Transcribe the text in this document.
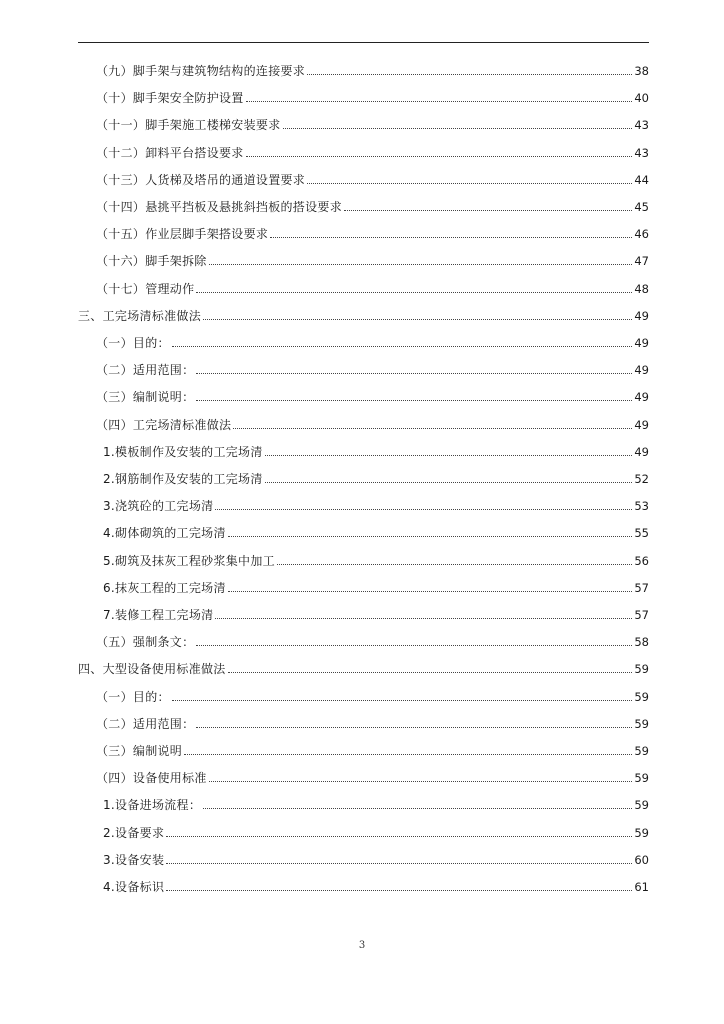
（九）脚手架与建筑物结构的连接要求	38
（十）脚手架安全防护设置	40
（十一）脚手架施工楼梯安装要求	43
（十二）卸料平台搭设要求	43
（十三）人货梯及塔吊的通道设置要求	44
（十四）悬挑平挡板及悬挑斜挡板的搭设要求	45
（十五）作业层脚手架搭设要求	46
（十六）脚手架拆除	47
（十七）管理动作	48
三、工完场清标准做法	49
（一）目的：	49
（二）适用范围：	49
（三）编制说明：	49
（四）工完场清标准做法	49
1.模板制作及安装的工完场清	49
2.钢筋制作及安装的工完场清	52
3.浇筑砼的工完场清	53
4.砌体砌筑的工完场清	55
5.砌筑及抹灰工程砂浆集中加工	56
6.抹灰工程的工完场清	57
7.装修工程工完场清	57
（五）强制条文：	58
四、大型设备使用标准做法	59
（一）目的：	59
（二）适用范围：	59
（三）编制说明	59
（四）设备使用标准	59
1.设备进场流程：	59
2.设备要求	59
3.设备安装	60
4.设备标识	61
3
